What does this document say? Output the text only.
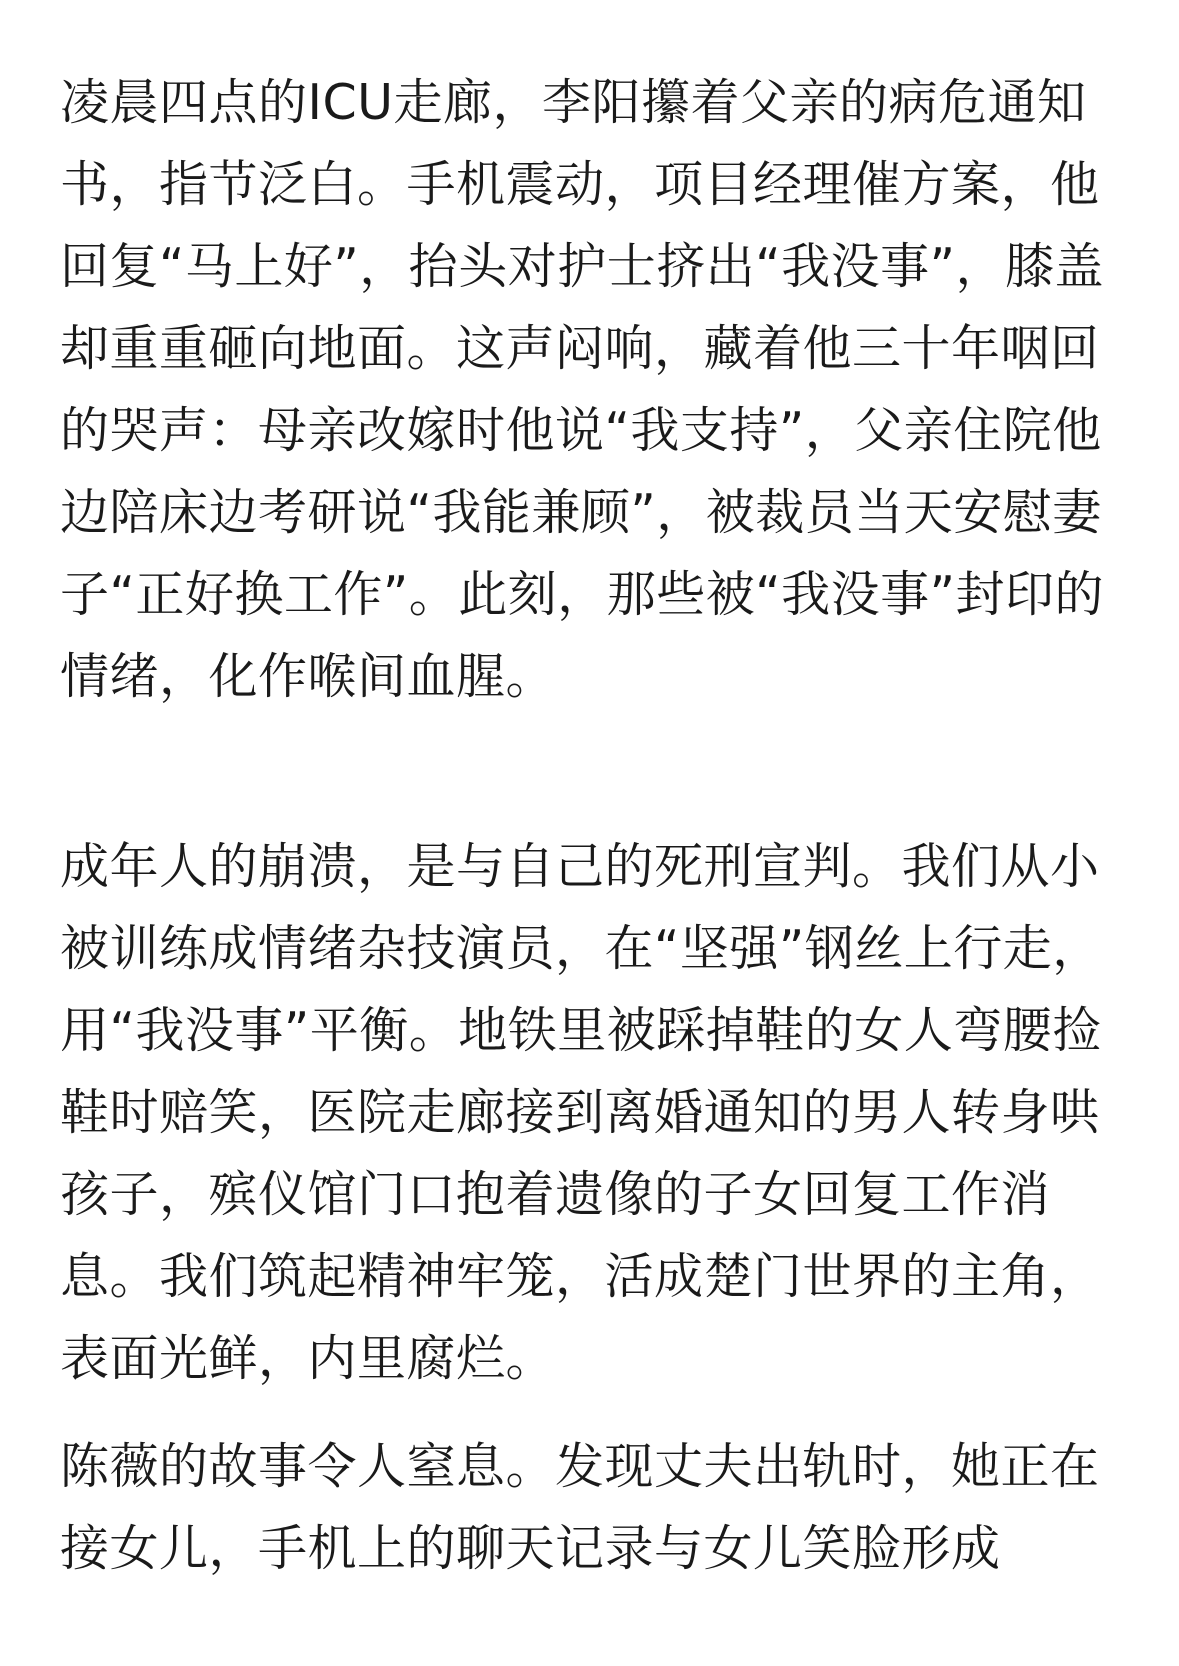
凌晨四点的ICU走廊，李阳攥着父亲的病危通知书，指节泛白。手机震动，项目经理催方案，他回复“马上好”，抬头对护士挤出“我没事”，膝盖却重重砸向地面。这声闷响，藏着他三十年咽回的哭声：母亲改嫁时他说“我支持”，父亲住院他边陪床边考研说“我能兼顾”，被裁员当天安慰妻子“正好换工作”。此刻，那些被“我没事”封印的情绪，化作喉间血腥。

成年人的崩溃，是与自己的死刑宣判。我们从小被训练成情绪杂技演员，在“坚强”钢丝上行走，用“我没事”平衡。地铁里被踩掉鞋的女人弯腰捡鞋时赔笑，医院走廊接到离婚通知的男人转身哄孩子，殡仪馆门口抱着遗像的子女回复工作消息。我们筑起精神牢笼，活成楚门世界的主角，表面光鲜，内里腐烂。

陈薇的故事令人窒息。发现丈夫出轨时，她正在接女儿，手机上的聊天记录与女儿笑脸形成
